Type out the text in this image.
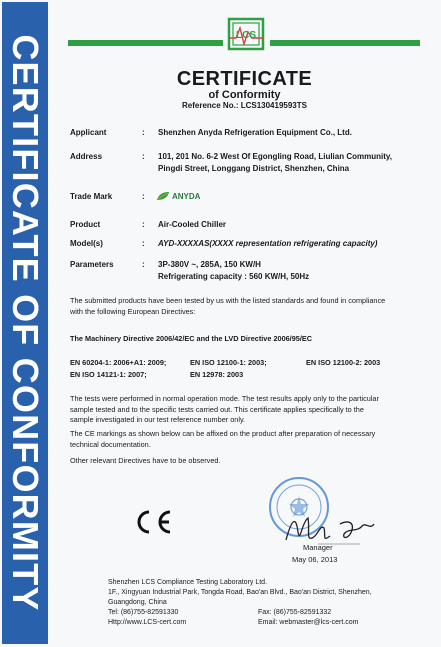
CERTIFICATE OF CONFORMITY	LCS
CERTIFICATE
of Conformity
Reference No.: LCS130419593TS
Applicant	: Shenzhen Anyda Refrigeration Equipment Co., Ltd.
Address	: 101, 201 No. 6-2 West Of Egongling Road, Liulian Community,
Pingdi Street, Longgang District, Shenzhen, China
Trade Mark	:	ANYDA
Product	: Air-Cooled Chiller
Model(s)	: AYD-XXXXAS(XXXX representation refrigerating capacity)
Parameters	: 3P-380V ~, 285A, 150 KW/H
Refrigerating capacity : 560 KW/H, 50Hz
The submitted products have been tested by us with the listed standards and found in compliance
with the following European Directives:
The Machinery Directive 2006/42/EC and the LVD Directive 2006/95/EC
EN 60204-1: 2006+A1: 2009;	EN ISO 12100-1: 2003;	EN ISO 12100-2: 2003
EN ISO 14121-1: 2007;	EN 12978: 2003
The tests were performed in normal operation mode. The test results apply only to the particular
sample tested and to the specific tests carried out. This certificate applies specifically to the
sample investigated in our test reference number only.
The CE markings as shown below can be affixed on the product after preparation of necessary
technical documentation.
Other relevant Directives have to be observed.
Manager
May 06, 2013
Shenzhen LCS Compliance Testing Laboratory Ltd.
1F., Xingyuan Industrial Park, Tongda Road, Bao'an Blvd., Bao'an District, Shenzhen,
Guangdong, China
Tel: (86)755-82591330	Fax: (86)755-82591332
Http://www.LCS-cert.com	Email: webmaster@lcs-cert.com
